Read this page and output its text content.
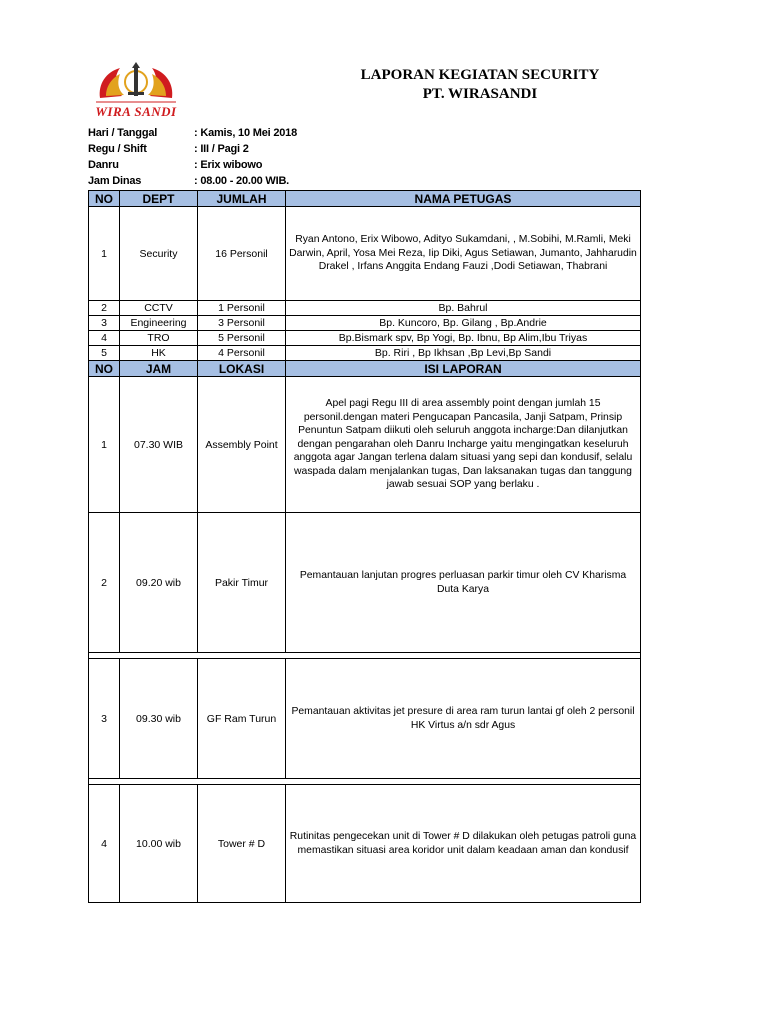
WIRA SANDI
LAPORAN KEGIATAN SECURITY
PT. WIRASANDI
Hari / Tanggal	: Kamis, 10 Mei 2018
Regu / Shift	: III / Pagi 2
Danru	: Erix wibowo
Jam Dinas	: 08.00 - 20.00 WIB.
NO	DEPT	JUMLAH	NAMA PETUGAS
1	Security	16 Personil	Ryan Antono, Erix Wibowo, Adityo Sukamdani, , M.Sobihi, M.Ramli, Meki Darwin, April, Yosa Mei Reza, Iip Diki, Agus Setiawan, Jumanto, Jahharudin Drakel , Irfans Anggita Endang Fauzi ,Dodi Setiawan, Thabrani
2	CCTV	1 Personil	Bp. Bahrul
3	Engineering	3 Personil	Bp. Kuncoro, Bp. Gilang , Bp.Andrie
4	TRO	5 Personil	Bp.Bismark spv, Bp Yogi, Bp. Ibnu, Bp Alim,Ibu Triyas
5	HK	4 Personil	Bp. Riri , Bp Ikhsan ,Bp Levi,Bp Sandi
NO	JAM	LOKASI	ISI LAPORAN
1	07.30 WIB	Assembly Point	Apel pagi Regu III di area assembly point dengan jumlah 15 personil.dengan materi Pengucapan Pancasila, Janji Satpam, Prinsip Penuntun Satpam diikuti oleh seluruh anggota incharge:Dan dilanjutkan dengan pengarahan oleh Danru Incharge yaitu mengingatkan keseluruh anggota agar Jangan terlena dalam situasi yang sepi dan kondusif, selalu waspada dalam menjalankan tugas, Dan laksanakan tugas dan tanggung jawab sesuai SOP yang berlaku .
2	09.20 wib	Pakir Timur	Pemantauan lanjutan progres perluasan parkir timur oleh CV Kharisma Duta Karya

3	09.30 wib	GF Ram Turun	Pemantauan aktivitas jet presure di area ram turun lantai gf oleh 2 personil HK Virtus a/n sdr Agus

4	10.00 wib	Tower # D	Rutinitas pengecekan unit di Tower # D dilakukan oleh petugas patroli guna memastikan situasi area koridor unit dalam keadaan aman dan kondusif
